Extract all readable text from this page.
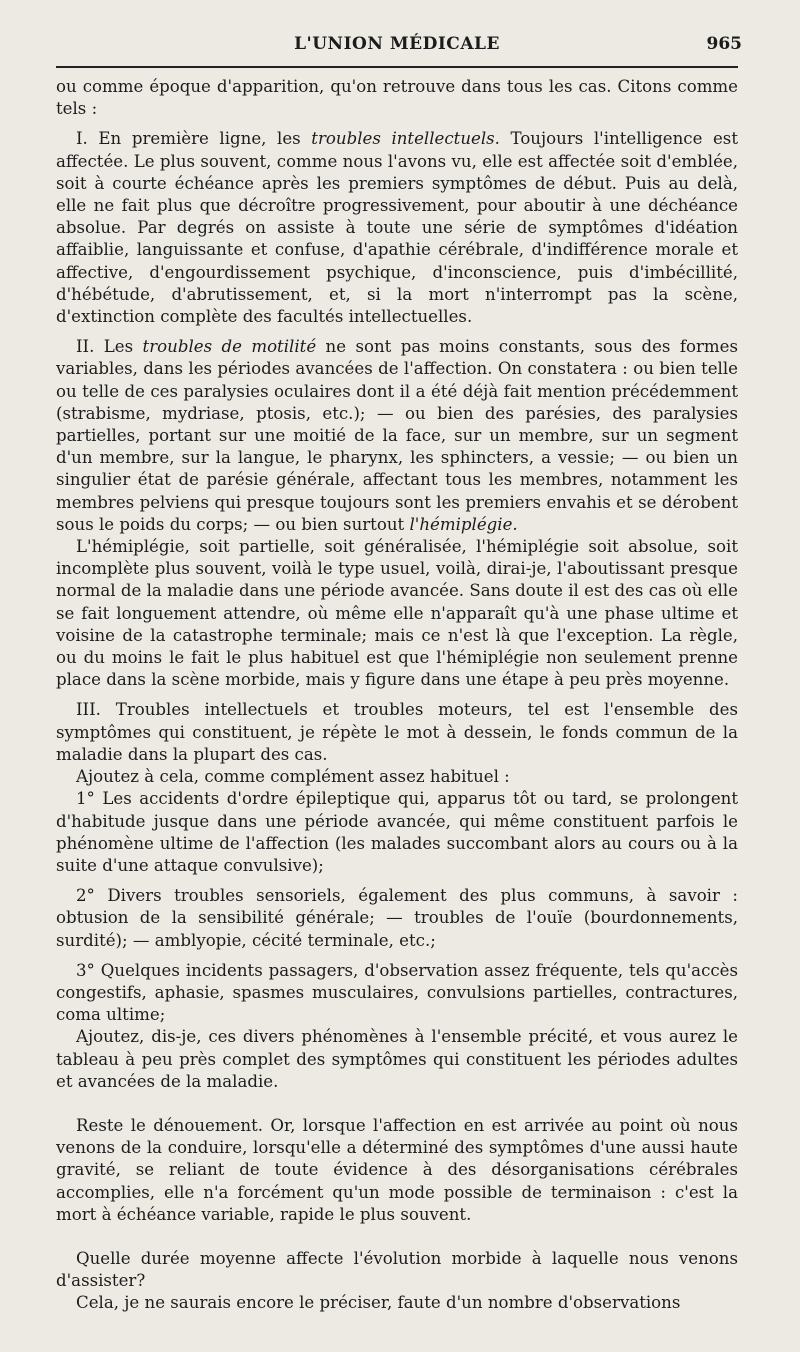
L'UNION MÉDICALE	965

ou comme époque d'apparition, qu'on retrouve dans tous les cas. Citons comme tels :

I. En première ligne, les troubles intellectuels. Toujours l'intelligence est affectée. Le plus souvent, comme nous l'avons vu, elle est affectée soit d'emblée, soit à courte échéance après les premiers symptômes de début. Puis au delà, elle ne fait plus que décroître progressivement, pour aboutir à une déchéance absolue. Par degrés on assiste à toute une série de symptômes d'idéation affaiblie, languissante et confuse, d'apathie cérébrale, d'indifférence morale et affective, d'engourdissement psychique, d'inconscience, puis d'imbécillité, d'hébétude, d'abrutissement, et, si la mort n'interrompt pas la scène, d'extinction complète des facultés intellectuelles.

II. Les troubles de motilité ne sont pas moins constants, sous des formes variables, dans les périodes avancées de l'affection. On constatera : ou bien telle ou telle de ces paralysies oculaires dont il a été déjà fait mention précédemment (strabisme, mydriase, ptosis, etc.); — ou bien des parésies, des paralysies partielles, portant sur une moitié de la face, sur un membre, sur un segment d'un membre, sur la langue, le pharynx, les sphincters, a vessie; — ou bien un singulier état de parésie générale, affectant tous les membres, notamment les membres pelviens qui presque toujours sont les premiers envahis et se dérobent sous le poids du corps; — ou bien surtout l'hémiplégie.

L'hémiplégie, soit partielle, soit généralisée, l'hémiplégie soit absolue, soit incomplète plus souvent, voilà le type usuel, voilà, dirai-je, l'aboutissant presque normal de la maladie dans une période avancée. Sans doute il est des cas où elle se fait longuement attendre, où même elle n'apparaît qu'à une phase ultime et voisine de la catastrophe terminale; mais ce n'est là que l'exception. La règle, ou du moins le fait le plus habituel est que l'hémiplégie non seulement prenne place dans la scène morbide, mais y figure dans une étape à peu près moyenne.

III. Troubles intellectuels et troubles moteurs, tel est l'ensemble des symptômes qui constituent, je répète le mot à dessein, le fonds commun de la maladie dans la plupart des cas.

Ajoutez à cela, comme complément assez habituel :

1° Les accidents d'ordre épileptique qui, apparus tôt ou tard, se prolongent d'habitude jusque dans une période avancée, qui même constituent parfois le phénomène ultime de l'affection (les malades succombant alors au cours ou à la suite d'une attaque convulsive);

2° Divers troubles sensoriels, également des plus communs, à savoir : obtusion de la sensibilité générale; — troubles de l'ouïe (bourdonnements, surdité); — amblyopie, cécité terminale, etc.;

3° Quelques incidents passagers, d'observation assez fréquente, tels qu'accès congestifs, aphasie, spasmes musculaires, convulsions partielles, contractures, coma ultime;

Ajoutez, dis-je, ces divers phénomènes à l'ensemble précité, et vous aurez le tableau à peu près complet des symptômes qui constituent les périodes adultes et avancées de la maladie.

Reste le dénouement. Or, lorsque l'affection en est arrivée au point où nous venons de la conduire, lorsqu'elle a déterminé des symptômes d'une aussi haute gravité, se reliant de toute évidence à des désorganisations cérébrales accomplies, elle n'a forcément qu'un mode possible de terminaison : c'est la mort à échéance variable, rapide le plus souvent.

Quelle durée moyenne affecte l'évolution morbide à laquelle nous venons d'assister?

Cela, je ne saurais encore le préciser, faute d'un nombre d'observations
